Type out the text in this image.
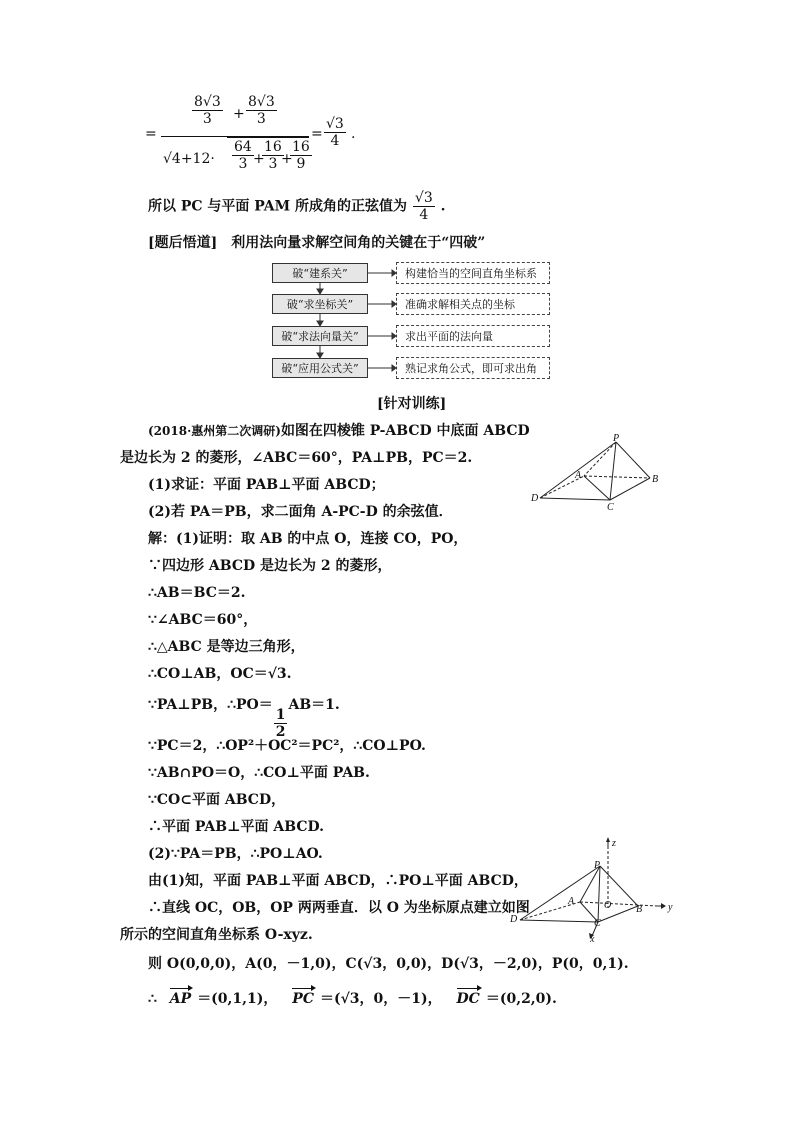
=
$\frac{8√3}{3} + \frac{8√3}{3}$
$√4+12\cdot \frac{64}{3}$ +
$\frac{16}{3}$
+
$\frac{16}{9}$
= $\frac{√3}{4}$ .
所以 PC 与平面 PAM 所成角的正弦值为 $\frac{√3}{4}$ .
[题后悟道]　利用法向量求解空间角的关键在于“四破”
破“建系关”	构建恰当的空间直角坐标系
破“求坐标关”	准确求解相关点的坐标
破“求法向量关”	求出平面的法向量
破“应用公式关”	熟记求角公式，即可求出角
[针对训练]
(2018·惠州第二次调研)如图在四棱锥 P-ABCD 中底面 ABCD
是边长为 2 的菱形，∠ABC＝60°，PA⊥PB，PC＝2.
(1)求证：平面 PAB⊥平面 ABCD；
(2)若 PA＝PB，求二面角 A-PC-D 的余弦值．
P
A	B
C
D
解：(1)证明：取 AB 的中点 O，连接 CO，PO，
∵四边形 ABCD 是边长为 2 的菱形，
∴AB＝BC＝2.
∵∠ABC＝60°，
∴△ABC 是等边三角形，
∴CO⊥AB，OC＝√3.
∵PA⊥PB，∴PO＝
$\frac{1}{2}$
AB＝1.
∵PC＝2，∴OP²＋OC²＝PC²，∴CO⊥PO.
∵AB∩PO＝O，∴CO⊥平面 PAB.
∵CO⊂平面 ABCD，
∴平面 PAB⊥平面 ABCD.
(2)∵PA＝PB，∴PO⊥AO.
由(1)知，平面 PAB⊥平面 ABCD，∴PO⊥平面 ABCD，
∴直线 OC，OB，OP 两两垂直．以 O 为坐标原点建立如图
所示的空间直角坐标系 O-xyz.
则 O(0,0,0)，A(0，－1,0)，C(√3，0,0)，D(√3，－2,0)，P(0，0,1).
∴ AP ＝(0,1,1)， PC ＝(√3，0，－1)， DC ＝(0,2,0).
z
P
A	O B	y
C
D
x
